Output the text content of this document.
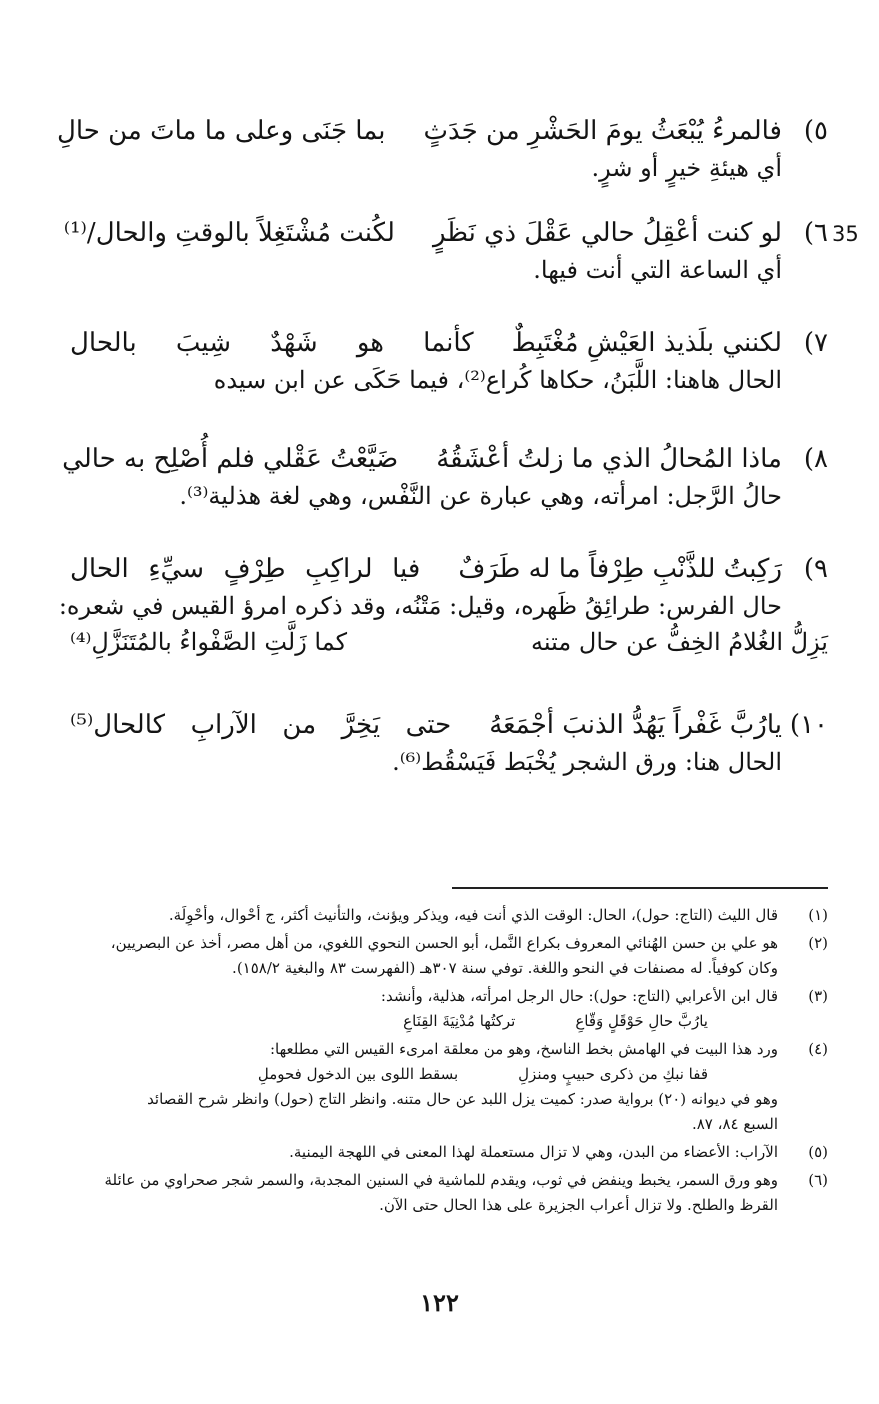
35
٥)
فالمرءُ يُبْعَثُ يومَ الحَشْرِ من جَدَثٍ
بما جَنَى وعلى ما ماتَ من حالِ
أي هيئةِ خيرٍ أو شرٍ.
٦)
لو كنت أعْقِلُ حالي عَقْلَ ذي نَظَرٍ
لكُنت مُشْتَغِلاً بالوقتِ والحال/⁽¹⁾
أي الساعة التي أنت فيها.
٧)
لكنني بلَذيذ العَيْشِ مُغْتَبِطٌ
كأنما هو شَهْدٌ شِيبَ بالحال
الحال هاهنا: اللَّبَنُ، حكاها كُراع⁽²⁾، فيما حَكَى عن ابن سيده
٨)
ماذا المُحالُ الذي ما زلتُ أعْشَقُهُ
ضَيَّعْتُ عَقْلي فلم أُصْلِح به حالي
حالُ الرَّجل: امرأته، وهي عبارة عن النَّفْس، وهي لغة هذلية⁽³⁾.
٩)
رَكِبتُ للذَّنْبِ طِرْفاً ما له طَرَفٌ
فيا لراكِبِ طِرْفٍ سيِّءِ الحال
حال الفرس: طرائِقُ ظَهره، وقيل: مَتْنُه، وقد ذكره امرؤ القيس في شعره:
يَزِلُّ الغُلامُ الخِفُّ عن حال متنه
كما زَلَّتِ الصَّفْواءُ بالمُتَنَزَّلِ⁽⁴⁾
١٠)
يارُبَّ غَفْراً يَهُدُّ الذنبَ أجْمَعَهُ
حتى يَخِرَّ من الآرابِ كالحال⁽⁵⁾
الحال هنا: ورق الشجر يُخْبَط فَيَسْقُط⁽⁶⁾.
(١)
قال الليث (التاج: حول)، الحال: الوقت الذي أنت فيه، ويذكر ويؤنث، والتأنيث أكثر، ج أحْوال، وأحْوِلَة.
(٢)
هو علي بن حسن الهُنائي المعروف بكراع النَّمل، أبو الحسن النحوي اللغوي، من أهل مصر، أخذ عن البصريين،
وكان كوفياً. له مصنفات في النحو واللغة. توفي سنة ٣٠٧هـ (الفهرست ٨٣ والبغية ١٥٨/٢).
(٣)
قال ابن الأعرابي (التاج: حول): حال الرجل امرأته، هذلية، وأنشد:
يارُبَّ حالِ حَوْقَلٍ وَقّاعِ
تركتُها مُدْنِيَةَ القِنَاعِ
(٤)
ورد هذا البيت في الهامش بخط الناسخ، وهو من معلقة امرىء القيس التي مطلعها:
قفا نبكِ من ذكرى حبيبٍ ومنزلِ
بسقط اللوى بين الدخول فحوملِ
وهو في ديوانه (٢٠) برواية صدر: كميت يزل اللبد عن حال متنه. وانظر التاج (حول) وانظر شرح القصائد
السبع ٨٤، ٨٧.
(٥)
الآراب: الأعضاء من البدن، وهي لا تزال مستعملة لهذا المعنى في اللهجة اليمنية.
(٦)
وهو ورق السمر، يخبط وينفض في ثوب، ويقدم للماشية في السنين المجدبة، والسمر شجر صحراوي من عائلة
القرظ والطلح. ولا تزال أعراب الجزيرة على هذا الحال حتى الآن.
١٢٢
